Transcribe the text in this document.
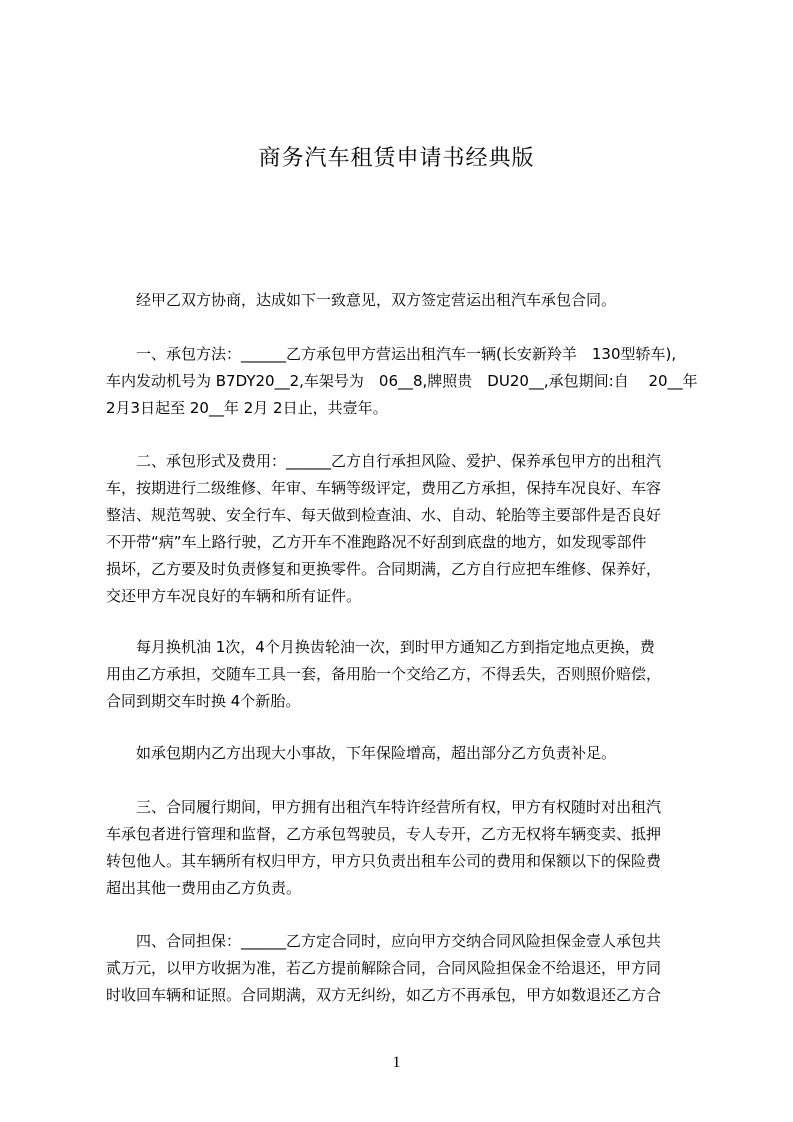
商务汽车租赁申请书经典版
　　经甲乙双方协商，达成如下一致意见，双方签定营运出租汽车承包合同。
　　一、承包方法：______乙方承包甲方营运出租汽车一辆(长安新羚羊　130型轿车),
车内发动机号为 B7DY20__2,车架号为　06__8,牌照贵　DU20__,承包期间:自　 20__年
2月3日起至 20__年 2月 2日止，共壹年。
　　二、承包形式及费用：______乙方自行承担风险、爱护、保养承包甲方的出租汽
车，按期进行二级维修、年审、车辆等级评定，费用乙方承担，保持车况良好、车容
整洁、规范驾驶、安全行车、每天做到检查油、水、自动、轮胎等主要部件是否良好
不开带“病”车上路行驶，乙方开车不准跑路况不好刮到底盘的地方，如发现零部件
损坏，乙方要及时负责修复和更换零件。合同期满，乙方自行应把车维修、保养好，
交还甲方车况良好的车辆和所有证件。
　　每月换机油 1次，4个月换齿轮油一次，到时甲方通知乙方到指定地点更换，费
用由乙方承担，交随车工具一套，备用胎一个交给乙方，不得丢失，否则照价赔偿，
合同到期交车时换 4个新胎。
　　如承包期内乙方出现大小事故，下年保险增高，超出部分乙方负责补足。
　　三、合同履行期间，甲方拥有出租汽车特许经营所有权，甲方有权随时对出租汽
车承包者进行管理和监督，乙方承包驾驶员，专人专开，乙方无权将车辆变卖、抵押
转包他人。其车辆所有权归甲方，甲方只负责出租车公司的费用和保额以下的保险费
超出其他一费用由乙方负责。
　　四、合同担保：______乙方定合同时，应向甲方交纳合同风险担保金壹人承包共
贰万元，以甲方收据为准，若乙方提前解除合同，合同风险担保金不给退还，甲方同
时收回车辆和证照。合同期满，双方无纠纷，如乙方不再承包，甲方如数退还乙方合
1
